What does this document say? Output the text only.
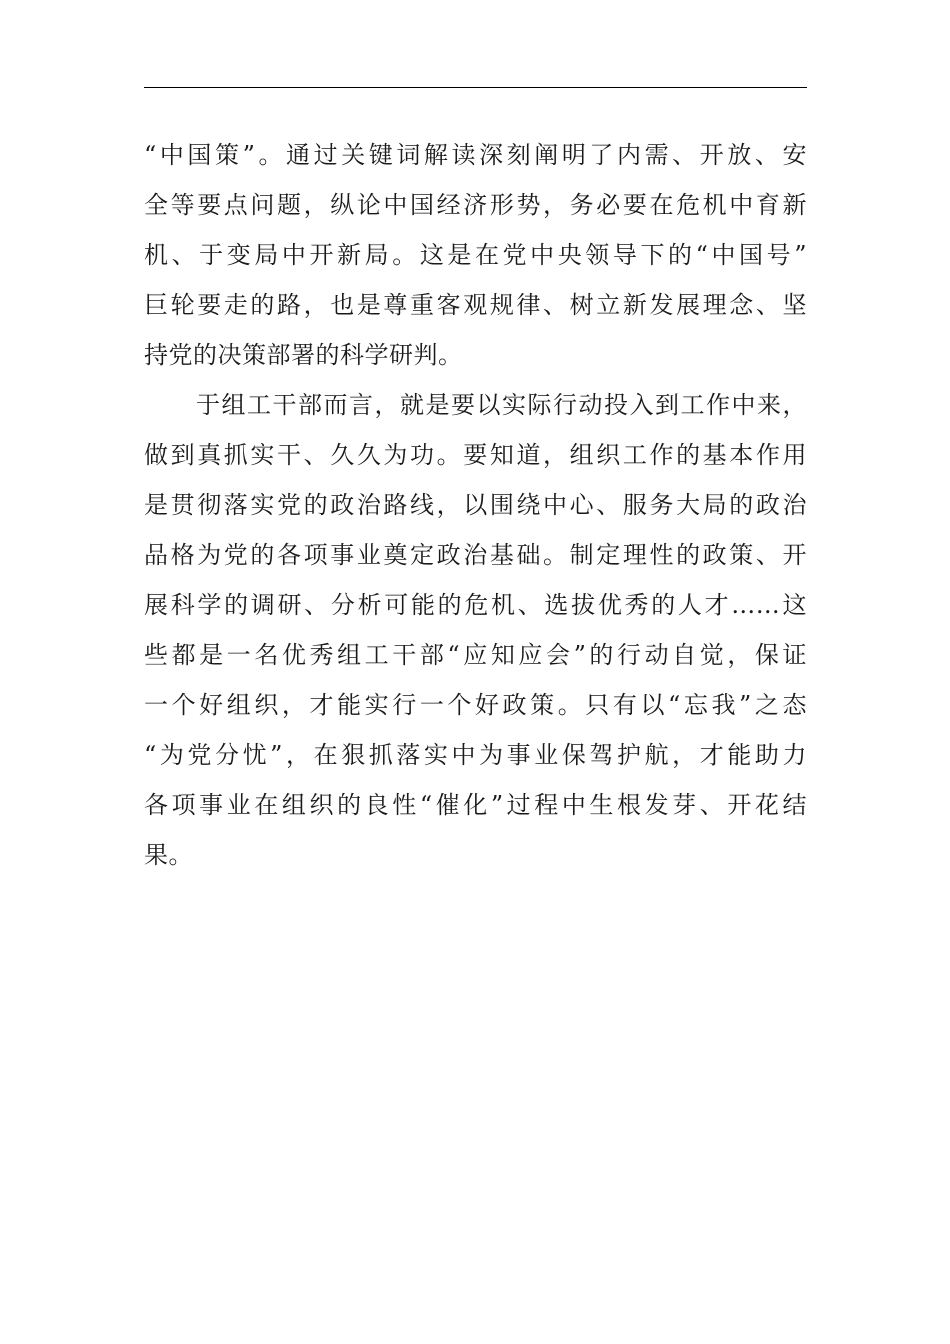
“中国策”。通过关键词解读深刻阐明了内需、开放、安
全等要点问题，纵论中国经济形势，务必要在危机中育新
机、于变局中开新局。这是在党中央领导下的“中国号”
巨轮要走的路，也是尊重客观规律、树立新发展理念、坚
持党的决策部署的科学研判。
于组工干部而言，就是要以实际行动投入到工作中来，
做到真抓实干、久久为功。要知道，组织工作的基本作用
是贯彻落实党的政治路线，以围绕中心、服务大局的政治
品格为党的各项事业奠定政治基础。制定理性的政策、开
展科学的调研、分析可能的危机、选拔优秀的人才……这
些都是一名优秀组工干部“应知应会”的行动自觉，保证
一个好组织，才能实行一个好政策。只有以“忘我”之态
“为党分忧”，在狠抓落实中为事业保驾护航，才能助力
各项事业在组织的良性“催化”过程中生根发芽、开花结
果。
